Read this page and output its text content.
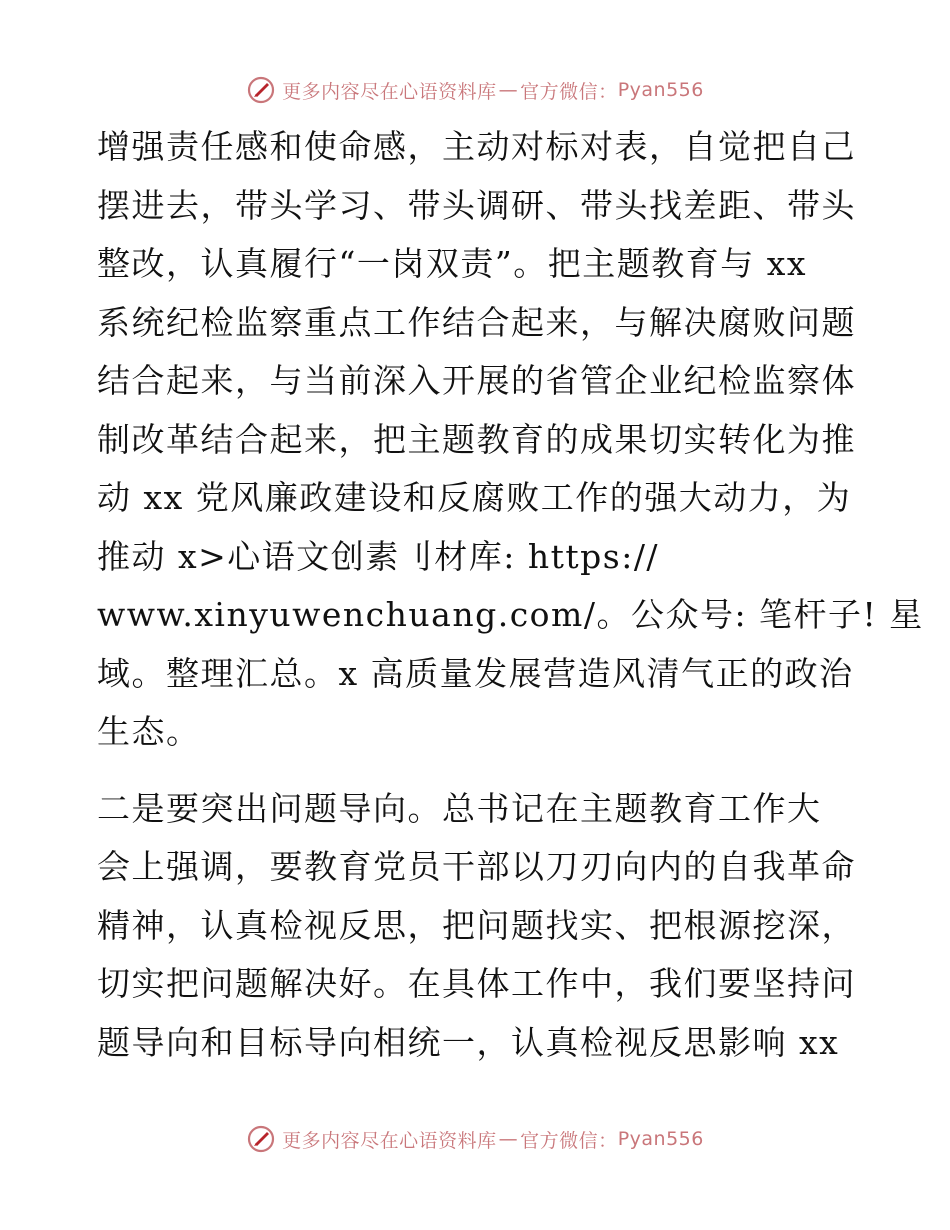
更多内容尽在心语资料库 — 官方微信： Pyan556
增强责任感和使命感，主动对标对表，自觉把自己
摆进去，带头学习、带头调研、带头找差距、带头
整改，认真履行“一岗双责”。把主题教育与 xx
系统纪检监察重点工作结合起来，与解决腐败问题
结合起来，与当前深入开展的省管企业纪检监察体
制改革结合起来，把主题教育的成果切实转化为推
动 xx 党风廉政建设和反腐败工作的强大动力，为
推动 x>心语文创素刂材库: https://
www.xinyuwenchuang.com/。公众号: 笔杆子! 星
域。整理汇总。x 高质量发展营造风清气正的政治
生态。
二是要突出问题导向。总书记在主题教育工作大
会上强调，要教育党员干部以刀刃向内的自我革命
精神，认真检视反思，把问题找实、把根源挖深，
切实把问题解决好。在具体工作中，我们要坚持问
题导向和目标导向相统一，认真检视反思影响 xx
更多内容尽在心语资料库 — 官方微信： Pyan556
